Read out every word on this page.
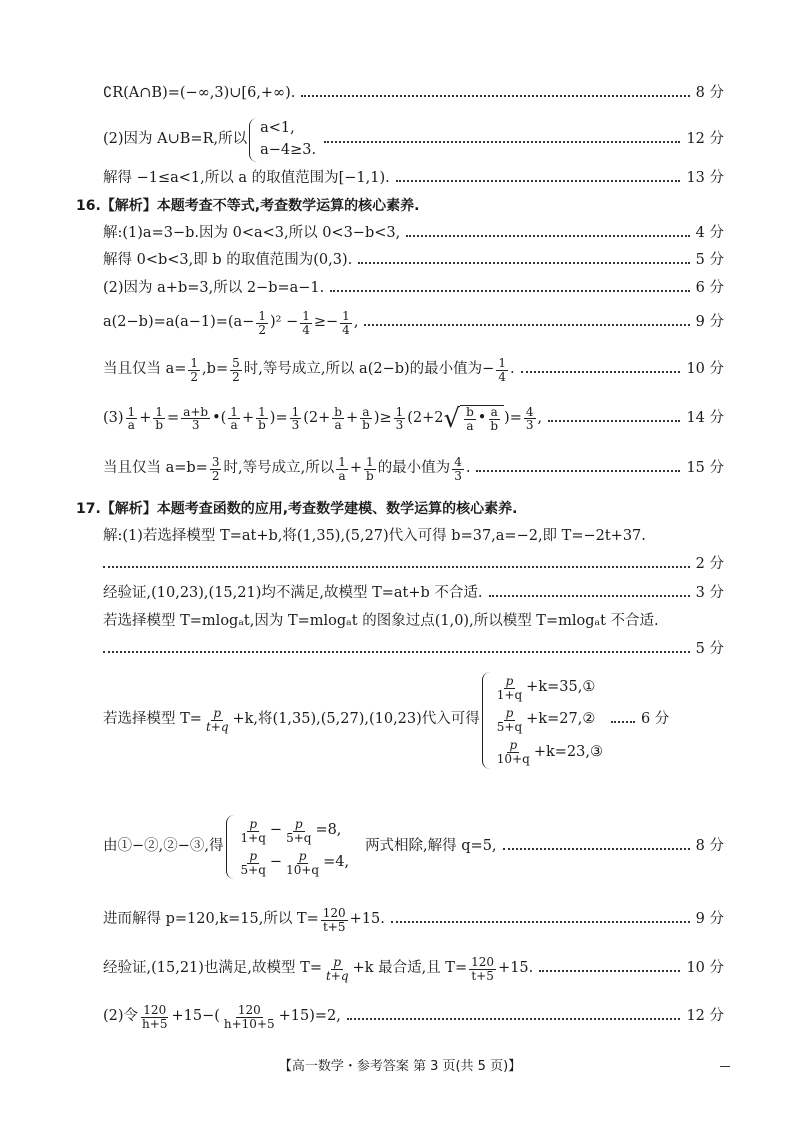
∁R(A∩B)=(−∞,3)∪[6,+∞).	8 分
(2)因为 A∪B=R,所以
a<1,
a−4≥3.
12 分
解得 −1≤a<1,所以 a 的取值范围为[−1,1).	13 分
16. 【解析】 本题考查不等式,考查数学运算的核心素养.
解:(1)a=3−b.因为 0<a<3,所以 0<3−b<3,	4 分
解得 0<b<3,即 b 的取值范围为(0,3).	5 分
(2)因为 a+b=3,所以 2−b=a−1.	6 分
$a(2-b)=a(a-1)=(a- \frac{1}{2} )^2 - \frac{1}{4} \ge- \frac{1}{4}$ ,	9 分
当且仅当 $a= \frac{1}{2} ,b= \frac{5}{2}$ 时,等号成立,所以 a(2−b)的最小值为− $\frac{1}{4}$ .	10 分
$(3) \frac{1}{a} + \frac{1}{b} = \frac{a+b}{3}$ •( $\frac{1}{a} + \frac{1}{b}$ )= $\frac{1}{3} (2+ \frac{b}{a} + \frac{a}{b}$ )≥ $\frac{1}{3} (2+2$ √ $\frac{b}{a}$ • $\frac{a}{b}$ )= $\frac{4}{3}$ ,	14 分
当且仅当 $a=b= \frac{3}{2}$ 时,等号成立,所以 $\frac{1}{a} + \frac{1}{b}$ 的最小值为 $\frac{4}{3}$ .	15 分
17. 【解析】 本题考查函数的应用,考查数学建模、数学运算的核心素养.
解:(1)若选择模型 T=at+b,将(1,35),(5,27)代入可得 b=37,a=−2,即 T=−2t+37.
2 分
经验证,(10,23),(15,21)均不满足,故模型 T=at+b 不合适.	3 分
若选择模型 T=mlogₐt,因为 T=mlogₐt 的图象过点(1,0),所以模型 T=mlogₐt 不合适.
5 分
若选择模型 $T= \frac{p}{t+q} +k$,将(1,35),(5,27),(10,23)代入可得
$\frac{p}{1+q}$ +k=35,①
$\frac{p}{5+q}$ +k=27,②
$\frac{p}{10+q}$ +k=23,③
6 分
由①−②,②−③,得
$\frac{p}{1+q} - \frac{p}{5+q} =8$,
$\frac{p}{5+q} - \frac{p}{10+q} =4$,
两式相除,解得 q=5,	8 分
进而解得 p=120,k=15,所以 $T= \frac{120}{t+5} +15$.	9 分
经验证,(15,21)也满足,故模型 $T= \frac{p}{t+q} +k$ 最合适,且 $T= \frac{120}{t+5} +15$.	10 分
(2)令 $\frac{120}{h+5} +15-( \frac{120}{h+10+5} +15)=2$,	12 分
【高一数学・参考答案 第 3 页(共 5 页)】
